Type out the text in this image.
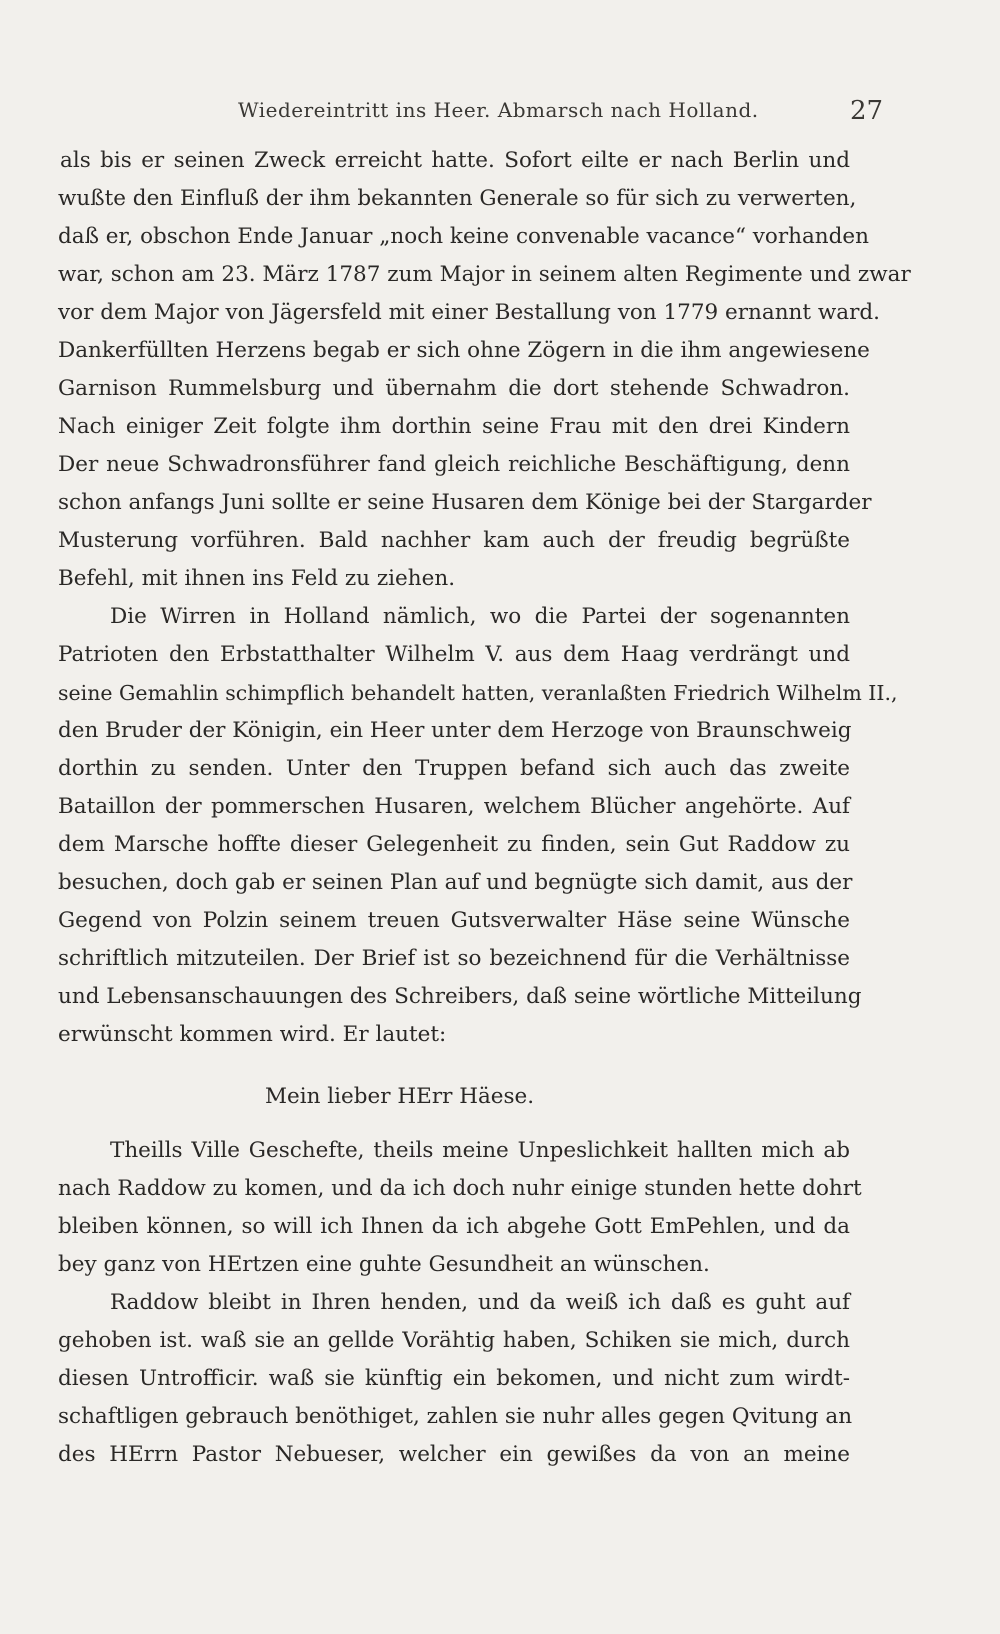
Wiedereintritt ins Heer. Abmarsch nach Holland.	27
als bis er seinen Zweck erreicht hatte. Sofort eilte er nach Berlin und
wußte den Einfluß der ihm bekannten Generale so für sich zu verwerten,
daß er, obschon Ende Januar „noch keine convenable vacance“ vorhanden
war, schon am 23. März 1787 zum Major in seinem alten Regimente und zwar
vor dem Major von Jägersfeld mit einer Bestallung von 1779 ernannt ward.
Dankerfüllten Herzens begab er sich ohne Zögern in die ihm angewiesene
Garnison Rummelsburg und übernahm die dort stehende Schwadron.
Nach einiger Zeit folgte ihm dorthin seine Frau mit den drei Kindern
Der neue Schwadronsführer fand gleich reichliche Beschäftigung, denn
schon anfangs Juni sollte er seine Husaren dem Könige bei der Stargarder
Musterung vorführen. Bald nachher kam auch der freudig begrüßte
Befehl, mit ihnen ins Feld zu ziehen.
Die Wirren in Holland nämlich, wo die Partei der sogenannten
Patrioten den Erbstatthalter Wilhelm V. aus dem Haag verdrängt und
seine Gemahlin schimpflich behandelt hatten, veranlaßten Friedrich Wilhelm II.,
den Bruder der Königin, ein Heer unter dem Herzoge von Braunschweig
dorthin zu senden. Unter den Truppen befand sich auch das zweite
Bataillon der pommerschen Husaren, welchem Blücher angehörte. Auf
dem Marsche hoffte dieser Gelegenheit zu finden, sein Gut Raddow zu
besuchen, doch gab er seinen Plan auf und begnügte sich damit, aus der
Gegend von Polzin seinem treuen Gutsverwalter Häse seine Wünsche
schriftlich mitzuteilen. Der Brief ist so bezeichnend für die Verhältnisse
und Lebensanschauungen des Schreibers, daß seine wörtliche Mitteilung
erwünscht kommen wird. Er lautet:
Mein lieber HErr Häese.
Theills Ville Geschefte, theils meine Unpeslichkeit hallten mich ab
nach Raddow zu komen, und da ich doch nuhr einige stunden hette dohrt
bleiben können, so will ich Ihnen da ich abgehe Gott EmPehlen, und da
bey ganz von HErtzen eine guhte Gesundheit an wünschen.
Raddow bleibt in Ihren henden, und da weiß ich daß es guht auf
gehoben ist. waß sie an gellde Vorähtig haben, Schiken sie mich, durch
diesen Untrofficir. waß sie künftig ein bekomen, und nicht zum wirdt-
schaftligen gebrauch benöthiget, zahlen sie nuhr alles gegen Qvitung an
des HErrn Pastor Nebueser, welcher ein gewißes da von an meine
